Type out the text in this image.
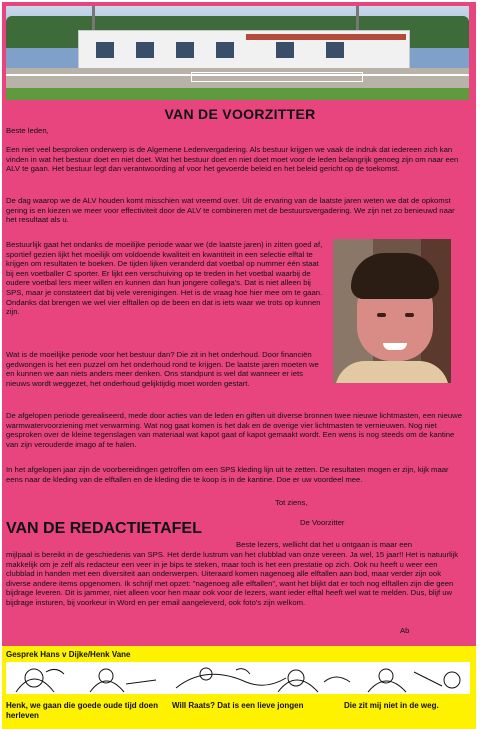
VAN DE VOORZITTER

Beste leden,

Een niet veel besproken onderwerp is de Algemene Ledenvergadering. Als bestuur krijgen we vaak de indruk dat iedereen zich kan vinden in wat het bestuur doet en niet doet. Wat het bestuur doet en niet doet moet voor de leden belangrijk genoeg zijn om naar een ALV te gaan. Het bestuur legt dan verantwoording af voor het gevoerde beleid en het beleid gericht op de toekomst.

De dag waarop we de ALV houden komt misschien wat vreemd over. Uit de ervaring van de laatste jaren weten we dat de opkomst gering is en kiezen we meer voor effectiviteit door de ALV te combineren met de bestuursvergadering. We zijn net zo benieuwd naar het resultaat als u.

Bestuurlijk gaat het ondanks de moeilijke periode waar we (de laatste jaren) in zitten goed af, sportief gezien lijkt het moeilijk om voldoende kwaliteit en kwantiteit in een selectie elftal te krijgen om resultaten te boeken. De tijden lijken veranderd dat voetbal op nummer één staat bij een voetballer C sporter. Er lijkt een verschuiving op te treden in het voetbal waarbij de oudere voetbal lers meer willen en kunnen dan hun jongere collega's. Dat is niet alleen bij SPS, maar je constateert dat bij vele verenigingen. Het is de vraag hoe hier mee om te gaan. Ondanks dat brengen we wel vier elftallen op de been en dat is iets waar we trots op kunnen zijn.

Wat is de moeilijke periode voor het bestuur dan? Die zit in het onderhoud. Door financiën gedwongen is het een puzzel om het onderhoud rond te krijgen. De laatste jaren moeten we en kunnen we aan niets anders meer denken. Ons standpunt is wel dat wanneer er iets nieuws wordt weggezet, het onderhoud gelijktijdig moet worden gestart.

De afgelopen periode gerealiseerd, mede door acties van de leden en giften uit diverse bronnen twee nieuwe lichtmasten, een nieuwe warmwatervoorziening met verwarming. Wat nog gaat komen is het dak en de overige vier lichtmasten te vernieuwen. Nog niet gesproken over de kleine tegenslagen van materiaal wat kapot gaat of kapot gemaakt wordt. Een wens is nog steeds om de kantine van zijn verouderde imago af te halen.

In het afgelopen jaar zijn de voorbereidingen getroffen om een SPS kleding lijn uit te zetten. De resultaten mogen er zijn, kijk maar eens naar de kleding van de elftallen en de kleding die te koop is in de kantine. Doe er uw voordeel mee.

Tot ziens,
De Voorzitter
VAN DE REDACTIETAFEL
Beste lezers, wellicht dat het u ontgaan is maar een

mijlpaal is bereikt in de geschiedenis van SPS. Het derde lustrum van het clubblad van onze vereen. Ja wel, 15 jaar!! Het is natuurlijk makkelijk om je zelf als redacteur een veer in je bips te steken, maar toch is het een prestatie op zich. Ook nu heeft u weer een clubblad in handen met een diversiteit aan onderwerpen. Uiteraard komen nagenoeg alle elftallen aan bod, maar verder zijn ook diverse andere items opgenomen. Ik schrijf met opzet: "nagenoeg alle elftallen", want het blijkt dat er toch nog elftallen zijn die geen bijdrage leveren. Dit is jammer, niet alleen voor hen maar ook voor de lezers, want ieder elftal heeft wel wat te melden. Dus, blijf uw bijdrage insturen, bij voorkeur in Word en per email aangeleverd, ook foto's zijn welkom.

Ab
Gesprek Hans v Dijke/Henk Vane
Henk, we gaan die goede oude tijd doen herleven
Will Raats? Dat is een lieve jongen	Die zit mij niet in de weg.
